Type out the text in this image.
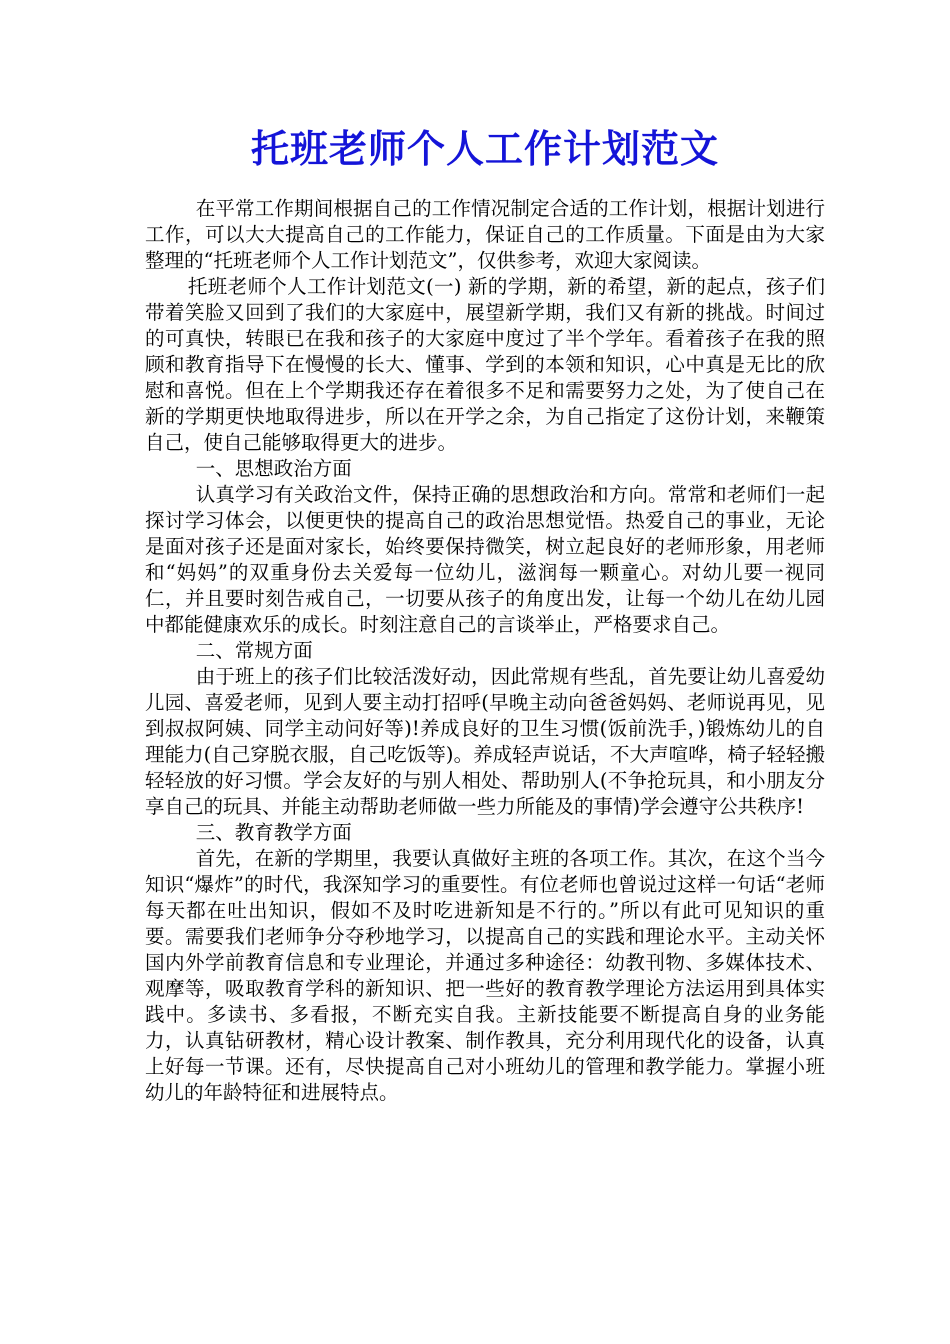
托班老师个人工作计划范文

在平常工作期间根据自己的工作情况制定合适的工作计划，根据计划进行工作，可以大大提高自己的工作能力，保证自己的工作质量。下面是由为大家整理的“托班老师个人工作计划范文”，仅供参考，欢迎大家阅读。

托班老师个人工作计划范文(一) 新的学期，新的希望，新的起点，孩子们带着笑脸又回到了我们的大家庭中，展望新学期，我们又有新的挑战。时间过的可真快，转眼已在我和孩子的大家庭中度过了半个学年。看着孩子在我的照顾和教育指导下在慢慢的长大、懂事、学到的本领和知识，心中真是无比的欣慰和喜悦。但在上个学期我还存在着很多不足和需要努力之处，为了使自己在新的学期更快地取得进步，所以在开学之余，为自己指定了这份计划，来鞭策自己，使自己能够取得更大的进步。

一、思想政治方面

认真学习有关政治文件，保持正确的思想政治和方向。常常和老师们一起探讨学习体会，以便更快的提高自己的政治思想觉悟。热爱自己的事业，无论是面对孩子还是面对家长，始终要保持微笑，树立起良好的老师形象，用老师和“妈妈”的双重身份去关爱每一位幼儿，滋润每一颗童心。对幼儿要一视同仁，并且要时刻告戒自己，一切要从孩子的角度出发，让每一个幼儿在幼儿园中都能健康欢乐的成长。时刻注意自己的言谈举止，严格要求自己。

二、常规方面

由于班上的孩子们比较活泼好动，因此常规有些乱，首先要让幼儿喜爱幼儿园、喜爱老师，见到人要主动打招呼(早晚主动向爸爸妈妈、老师说再见，见到叔叔阿姨、同学主动问好等)!养成良好的卫生习惯(饭前洗手，)锻炼幼儿的自理能力(自己穿脱衣服，自己吃饭等)。养成轻声说话，不大声喧哗，椅子轻轻搬轻轻放的好习惯。学会友好的与别人相处、帮助别人(不争抢玩具，和小朋友分享自己的玩具、并能主动帮助老师做一些力所能及的事情)学会遵守公共秩序!

三、教育教学方面

首先，在新的学期里，我要认真做好主班的各项工作。其次，在这个当今知识“爆炸”的时代，我深知学习的重要性。有位老师也曾说过这样一句话“老师每天都在吐出知识，假如不及时吃进新知是不行的。”所以有此可见知识的重要。需要我们老师争分夺秒地学习，以提高自己的实践和理论水平。主动关怀国内外学前教育信息和专业理论，并通过多种途径：幼教刊物、多媒体技术、观摩等，吸取教育学科的新知识、把一些好的教育教学理论方法运用到具体实践中。多读书、多看报，不断充实自我。主新技能要不断提高自身的业务能力，认真钻研教材，精心设计教案、制作教具，充分利用现代化的设备，认真上好每一节课。还有，尽快提高自己对小班幼儿的管理和教学能力。掌握小班幼儿的年龄特征和进展特点。
